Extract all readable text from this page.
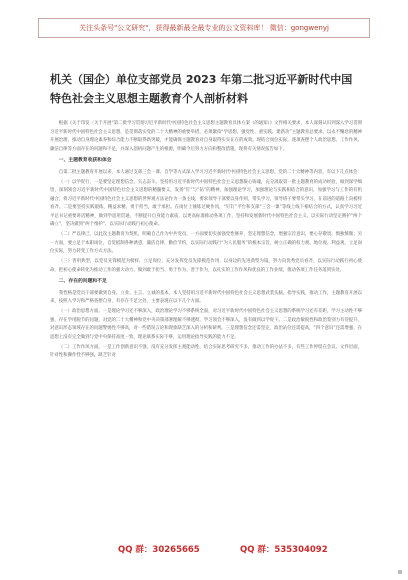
关注头条号"公文研究"，获得最新最全最专业的公文资料库！ 微信：gongwenyj
机关（国企）单位支部党员 2023 年第二批习近平新时代中国特色社会主义思想主题教育个人剖析材料

根据《关于印发〈关于开展“第二批学习贯彻习近平新时代中国特色社会主义思想主题教育具体方案（的通知）》文件相关要求，本人深刻认识到深入学习贯彻习近平新时代中国特色社会主义思想，是贯彻落实党的二十大精神的重要举措，必须紧扣“学思想、强党性、重实践、建新功”主题教育总要求，以永不懈怠的精神开展治理，推动自身理论素养和综合能力不断取得新突破，才能确保主题教育对自身取得实实在在的成效。现结合岗位实际，逐项查摆个人政治思想、工作作风、廉洁自律等方面存在的问题和不足，并深入剖析问题产生的根源，明确今后努力方向和整改措施，现将有关情况报告如下。

一、主题教育收获和体会

自第二批主题教育开展以来，本人通过支部三会一课、自学等方式深入学习习近平新时代中国特色社会主义思想、党的二十大精神等内容，有以下几点体会：

（一）以学促行，一是要坚定理想信念，矢志奋斗。坚持用习近平新时代中国特色社会主义思想凝心铸魂，充分汲取第一批主题教育的成功经验，做到深学细悟，深刻领会习近平新时代中国特色社会主义思想的精髓要义，发扬“钉”与“钻”的精神，加强理论学习，加强理论与实践相结合的意识，加强学习与工作的有机融合，将习近平新时代中国特色社会主义思想的世界观方法论作为一条主线，要求领导干部要以身作则，带头学习，领导班子要带头学习，在前进的道路上向榜样看齐。二是要坚持实践锻炼，精益求精，勇于担当，敢于承担。在岗位上锤炼过硬作风，“钉钉”平台和支部“三会一课”等线上线下相结合的方式，认真学习习近平总书记重要讲话精神，做到学思用贯通，不断提升自身能力素质，以更高标准推动各项工作，坚持和发展新时代中国特色社会主义，以实际行动坚定拥护“两个确立”，坚决做到“两个维护”，以实际行动践行初心使命。

（二）严以律己，以此次主题教育为契机，明确自己作为中共党员，一方面要切实加强党性修养，坚定理想信念，增强宗旨意识，要心存敬畏，慎独慎微；另一方面，要立足于本职岗位，自觉抵制各种诱惑，廉洁自律，勤俭节约，以实际行动践行“为人民服务”的根本宗旨，树立正确的权力观、地位观、利益观，立足岗位实际，努力转变工作方式方法。

（三）善用典型，以党员先锋模范为榜样，立足岗位，充分发挥党员先锋模范作用，以身边的先进典型为镜，努力向优秀党员看齐，以实际行动践行初心使命，把初心使命转化为推动工作的强大动力，做到敢于担当、勇于作为、善于作为，以扎实的工作作风和优良的工作业绩，推动各项工作任务落到实处。

二、存在的问题和不足

我性格是党员干部要做到自身、立业、主言、立诚的基本，本人坚持用习近平新时代中国特色社会主义思想武装头脑，指导实践，推动工作，主题教育开展以来，按照入学习和严格查摆自身，有存在不足之处，主要表现在以下几个方面。

（一）政治思想方面。一是理论学习还不够深入，政治理论学习不够系统全面，对习近平新时代中国特色社会主义思想的系统学习还有差距，学习主动性不够强，存在学用脱节的问题，对党的二十大精神和党中央决策部署理解不够透彻，学习领会不够深入，没有做到以学促干。二是政治敏锐性和政治鉴别力有待提升，对意识形态领域存在的问题警惕性不够高，对一些错误言论和现象缺乏深入的分析和研判。三是理想信念还需坚定，政治站位还需提高，“四个意识”还需增强，在思想上没有完全做到与党中央保持高度一致，理论联系实际不够，运用理论指导实践的能力不足。

（二）工作作风方面。一是工作创新意识不强，没有充分发挥主观能动性，结合实际思考研究不多，推动工作的办法不多，有些工作停留在会议、文件层面，针对性和操作性不够强，缺乏针对

QQ 群：30265665	QQ 群：535304092
